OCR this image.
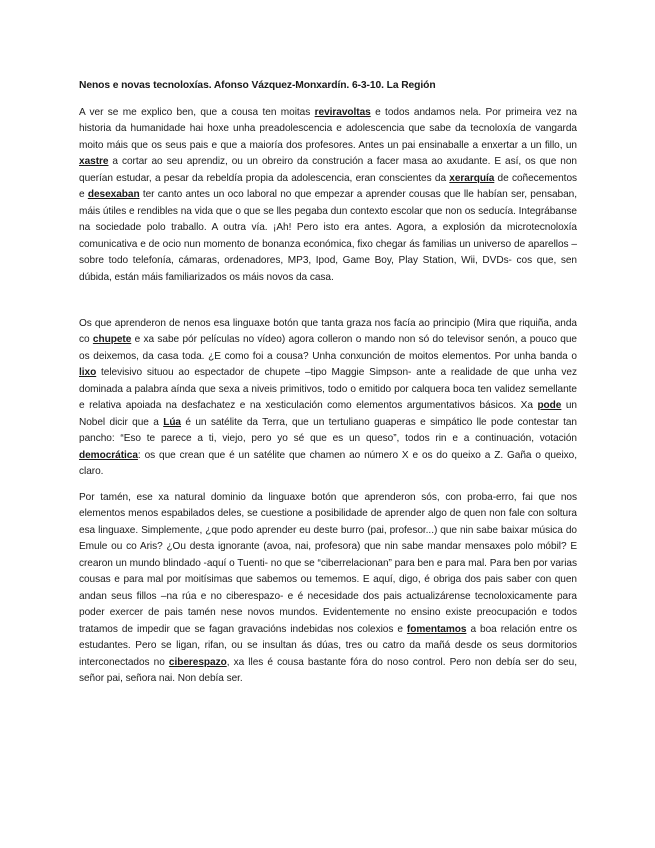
Nenos e novas tecnoloxías. Afonso Vázquez-Monxardín. 6-3-10. La Región

A ver se me explico ben, que a cousa ten moitas reviravoltas e todos andamos nela. Por primeira vez na historia da humanidade hai hoxe unha preadolescencia e adolescencia que sabe da tecnoloxía de vangarda moito máis que os seus pais e que a maioría dos profesores. Antes un pai ensinaballe a enxertar a un fillo, un xastre a cortar ao seu aprendiz, ou un obreiro da construción a facer masa ao axudante. E así, os que non querían estudar, a pesar da rebeldía propia da adolescencia, eran conscientes da xerarquía de coñecementos e desexaban ter canto antes un oco laboral no que empezar a aprender cousas que lle habían ser, pensaban, máis útiles e rendibles na vida que o que se lles pegaba dun contexto escolar que non os seducía. Integrábanse na sociedade polo traballo. A outra vía. ¡Ah! Pero isto era antes. Agora, a explosión da microtecnoloxía comunicativa e de ocio nun momento de bonanza económica, fixo chegar ás familias un universo de aparellos –sobre todo telefonía, cámaras, ordenadores, MP3, Ipod, Game Boy, Play Station, Wii, DVDs- cos que, sen dúbida, están máis familiarizados os máis novos da casa.

Os que aprenderon de nenos esa linguaxe botón que tanta graza nos facía ao principio (Mira que riquiña, anda co chupete e xa sabe pór películas no vídeo) agora colleron o mando non só do televisor senón, a pouco que os deixemos, da casa toda. ¿E como foi a cousa? Unha conxunción de moitos elementos. Por unha banda o lixo televisivo situou ao espectador de chupete –tipo Maggie Simpson- ante a realidade de que unha vez dominada a palabra aínda que sexa a niveis primitivos, todo o emitido por calquera boca ten validez semellante e relativa apoiada na desfachatez e na xesticulación como elementos argumentativos básicos. Xa pode un Nobel dicir que a Lúa é un satélite da Terra, que un tertuliano guaperas e simpático lle pode contestar tan pancho: “Eso te parece a ti, viejo, pero yo sé que es un queso”, todos rin e a continuación, votación democrática: os que crean que é un satélite que chamen ao número X e os do queixo a Z. Gaña o queixo, claro.

Por tamén, ese xa natural dominio da linguaxe botón que aprenderon sós, con proba-erro, fai que nos elementos menos espabilados deles, se cuestione a posibilidade de aprender algo de quen non fale con soltura esa linguaxe. Simplemente, ¿que podo aprender eu deste burro (pai, profesor...) que nin sabe baixar música do Emule ou co Aris? ¿Ou desta ignorante (avoa, nai, profesora) que nin sabe mandar mensaxes polo móbil? E crearon un mundo blindado -aquí o Tuenti- no que se “ciberrelacionan” para ben e para mal. Para ben por varias cousas e para mal por moitísimas que sabemos ou tememos. E aquí, digo, é obriga dos pais saber con quen andan seus fillos –na rúa e no ciberespazo- e é necesidade dos pais actualizárense tecnoloxicamente para poder exercer de pais tamén nese novos mundos. Evidentemente no ensino existe preocupación e todos tratamos de impedir que se fagan gravacións indebidas nos colexios e fomentamos a boa relación entre os estudantes. Pero se ligan, rifan, ou se insultan ás dúas, tres ou catro da mañá desde os seus dormitorios interconectados no ciberespazo, xa lles é cousa bastante fóra do noso control. Pero non debía ser do seu, señor pai, señora nai. Non debía ser.
